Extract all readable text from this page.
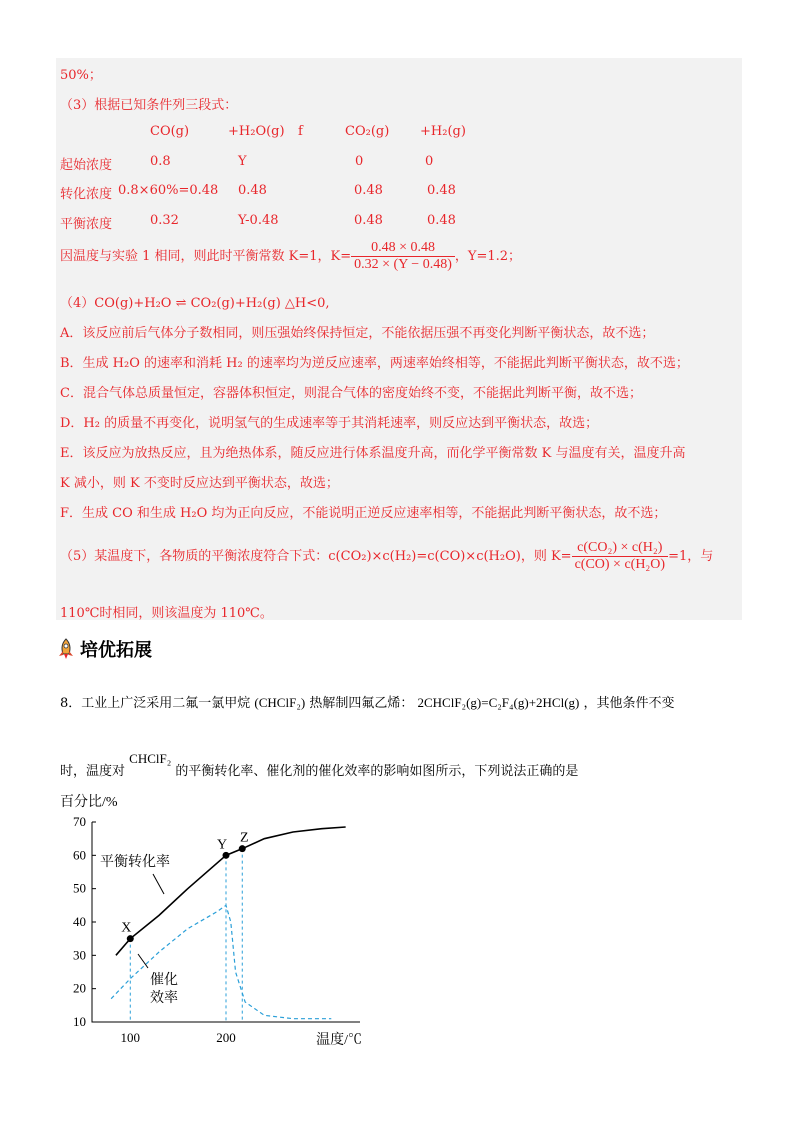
50%；
（3）根据已知条件列三段式：
CO(g)	+H₂O(g) f	CO₂(g) +H₂(g)
起始浓度	0.8	Y	0	0
转化浓度 0.8×60%=0.48 0.48	0.48	0.48
平衡浓度	0.32	Y-0.48	0.48	0.48
因温度与实验 1 相同，则此时平衡常数 K=1，$K= \frac{0.48 \times 0.48}{0.32 \times (Y - 0.48)}$ ，Y=1.2；
（4）CO(g)+H₂O ⇌ CO₂(g)+H₂(g) △H<0,
A．该反应前后气体分子数相同，则压强始终保持恒定，不能依据压强不再变化判断平衡状态，故不选；
B．生成 H₂O 的速率和消耗 H₂ 的速率均为逆反应速率，两速率始终相等，不能据此判断平衡状态，故不选；
C．混合气体总质量恒定，容器体积恒定，则混合气体的密度始终不变，不能据此判断平衡，故不选；
D．H₂ 的质量不再变化，说明氢气的生成速率等于其消耗速率，则反应达到平衡状态，故选；
E．该反应为放热反应，且为绝热体系，随反应进行体系温度升高，而化学平衡常数 K 与温度有关，温度升高
K 减小，则 K 不变时反应达到平衡状态，故选；
F．生成 CO 和生成 H₂O 均为正向反应，不能说明正逆反应速率相等，不能据此判断平衡状态，故不选；
（5）某温度下，各物质的平衡浓度符合下式：c(CO₂)×c(H₂)=c(CO)×c(H₂O)，则 $K= \frac{\text{c(CO₂) × c(H₂)}}{\text{c(CO) × c(H₂O)}} =1$，与
110℃时相同，则该温度为 110℃。
培优拓展
8．工业上广泛采用二氟一氯甲烷 (CHClF₂) 热解制四氟乙烯： 2CHClF₂(g)=C₂F₄(g)+2HCl(g) ，其他条件不变
时，温度对 CHClF₂ 的平衡转化率、催化剂的催化效率的影响如图所示，下列说法正确的是
百分比/%
70
60
50
40
30
20
10
100	200	温度/℃
X
Y Z
平衡转化率
催化
效率
